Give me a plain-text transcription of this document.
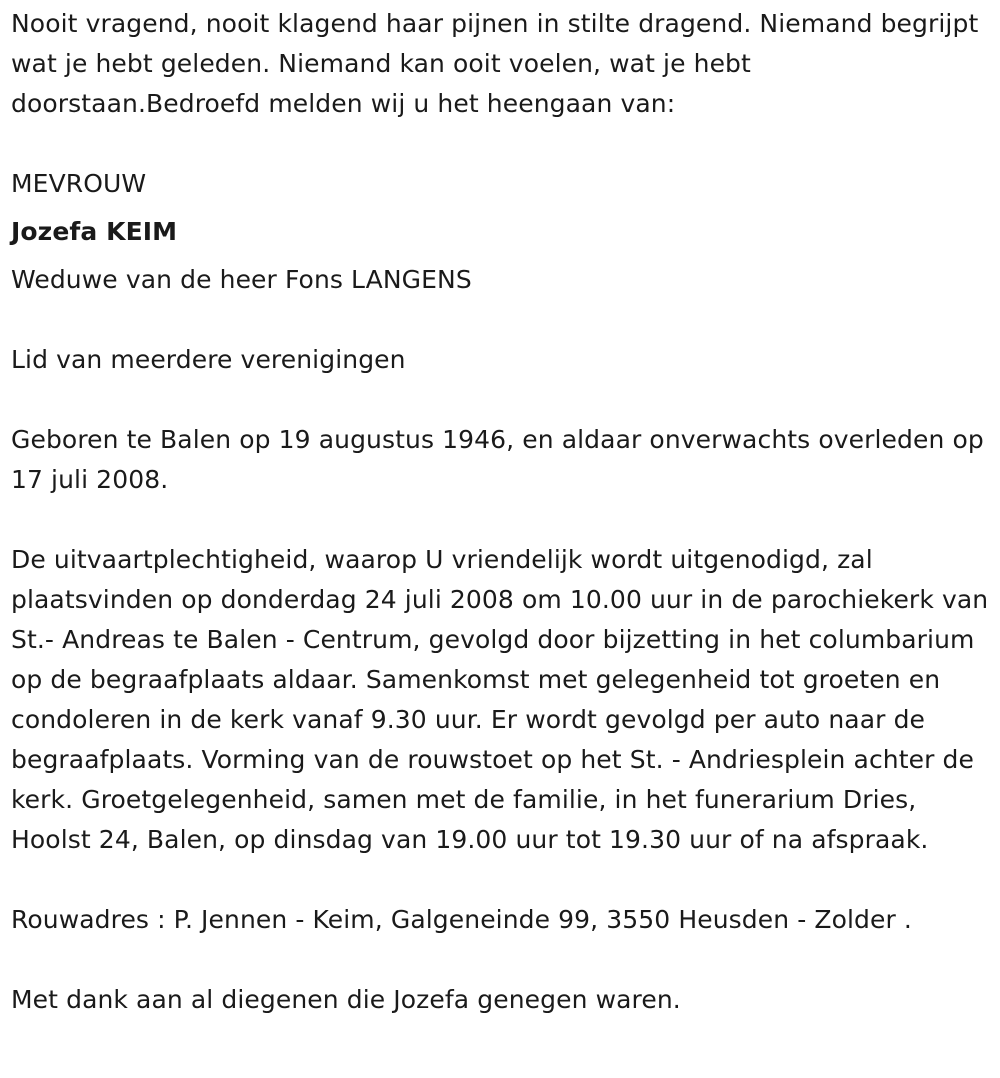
Nooit vragend, nooit klagend haar pijnen in stilte dragend. Niemand begrijpt wat je hebt geleden. Niemand kan ooit voelen, wat je hebt doorstaan.Bedroefd melden wij u het heengaan van:

MEVROUW

Jozefa KEIM

Weduwe van de heer Fons LANGENS

Lid van meerdere verenigingen

Geboren te Balen op 19 augustus 1946, en aldaar onverwachts overleden op 17 juli 2008.

De uitvaartplechtigheid, waarop U vriendelijk wordt uitgenodigd, zal plaatsvinden op donderdag 24 juli 2008 om 10.00 uur in de parochiekerk van St.- Andreas te Balen - Centrum, gevolgd door bijzetting in het columbarium op de begraafplaats aldaar. Samenkomst met gelegenheid tot groeten en condoleren in de kerk vanaf 9.30 uur. Er wordt gevolgd per auto naar de begraafplaats. Vorming van de rouwstoet op het St. - Andriesplein achter de kerk. Groetgelegenheid, samen met de familie, in het funerarium Dries, Hoolst 24, Balen, op dinsdag van 19.00 uur tot 19.30 uur of na afspraak.

Rouwadres : P. Jennen - Keim, Galgeneinde 99, 3550 Heusden - Zolder .

Met dank aan al diegenen die Jozefa genegen waren.
